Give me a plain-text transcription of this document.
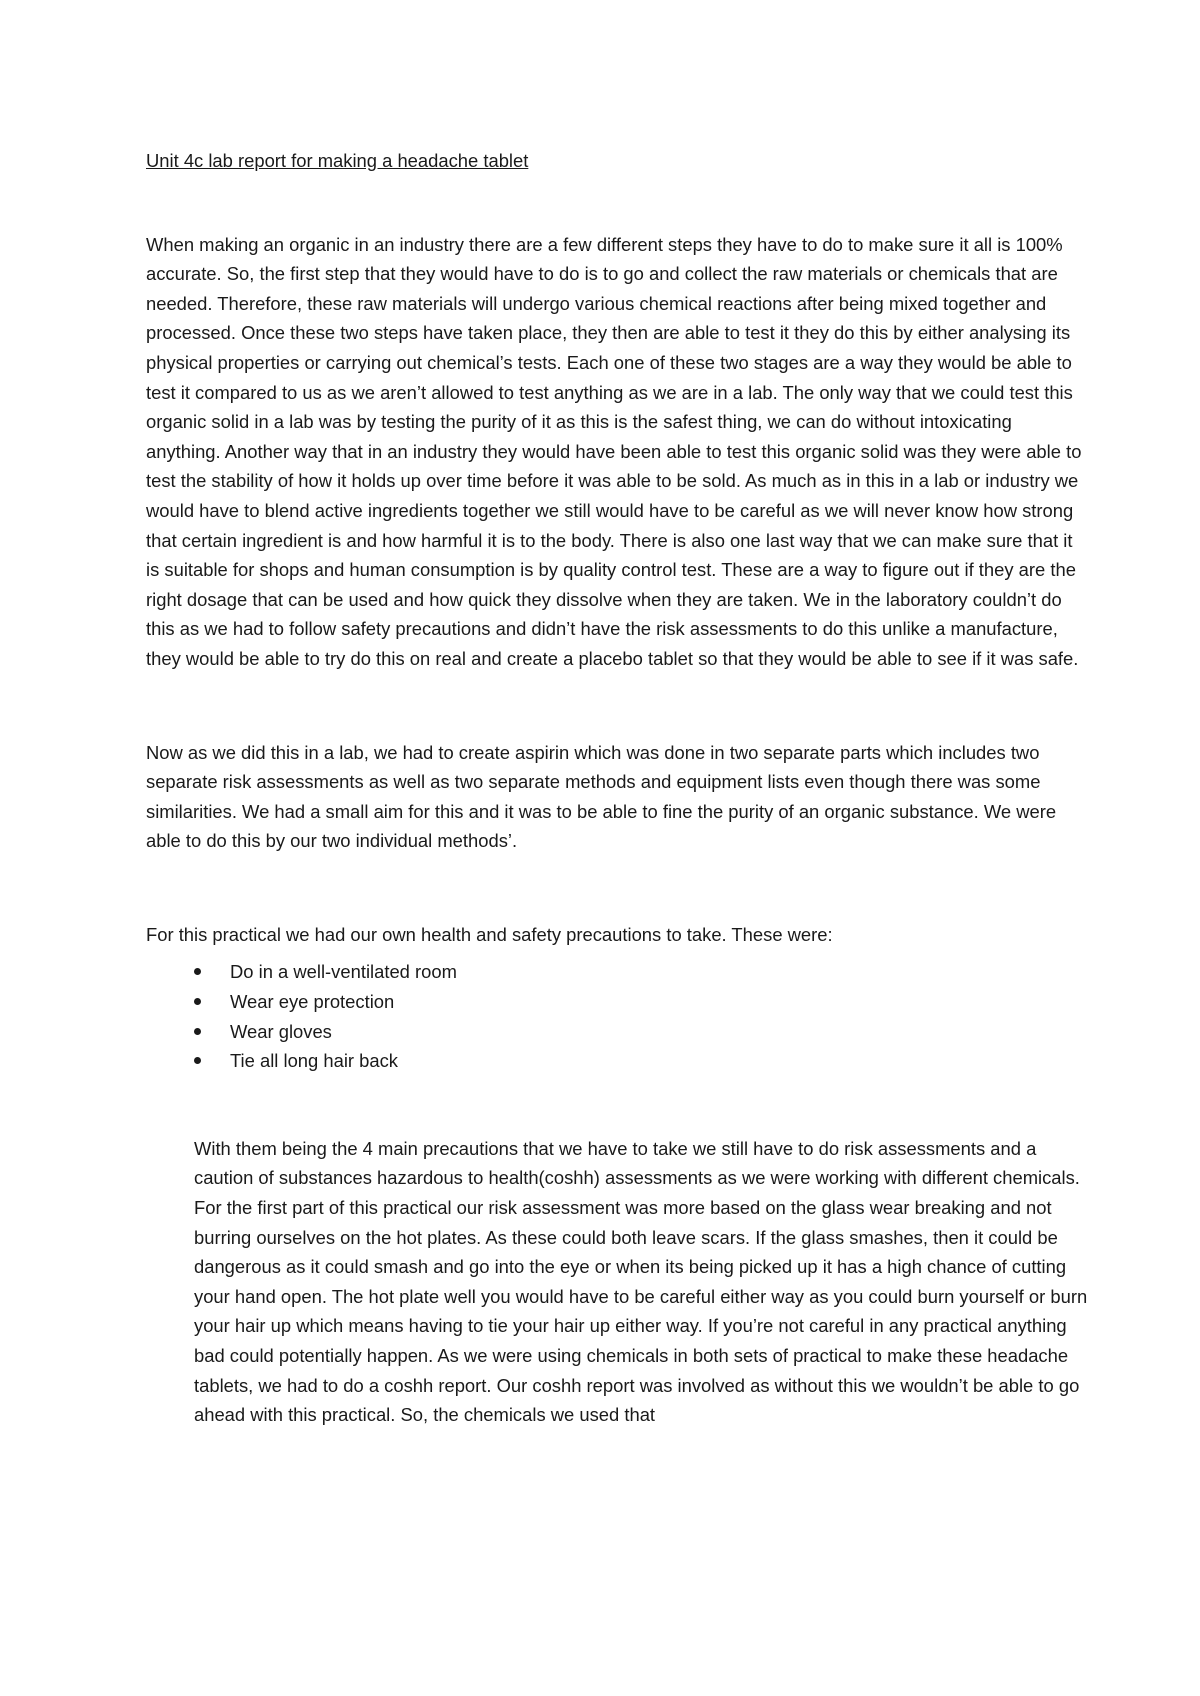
Unit 4c lab report for making a headache tablet

When making an organic in an industry there are a few different steps they have to do to make sure it all is 100% accurate. So, the first step that they would have to do is to go and collect the raw materials or chemicals that are needed. Therefore, these raw materials will undergo various chemical reactions after being mixed together and processed. Once these two steps have taken place, they then are able to test it they do this by either analysing its physical properties or carrying out chemical’s tests. Each one of these two stages are a way they would be able to test it compared to us as we aren’t allowed to test anything as we are in a lab. The only way that we could test this organic solid in a lab was by testing the purity of it as this is the safest thing, we can do without intoxicating anything. Another way that in an industry they would have been able to test this organic solid was they were able to test the stability of how it holds up over time before it was able to be sold. As much as in this in a lab or industry we would have to blend active ingredients together we still would have to be careful as we will never know how strong that certain ingredient is and how harmful it is to the body. There is also one last way that we can make sure that it is suitable for shops and human consumption is by quality control test. These are a way to figure out if they are the right dosage that can be used and how quick they dissolve when they are taken. We in the laboratory couldn’t do this as we had to follow safety precautions and didn’t have the risk assessments to do this unlike a manufacture, they would be able to try do this on real and create a placebo tablet so that they would be able to see if it was safe.

Now as we did this in a lab, we had to create aspirin which was done in two separate parts which includes two separate risk assessments as well as two separate methods and equipment lists even though there was some similarities. We had a small aim for this and it was to be able to fine the purity of an organic substance. We were able to do this by our two individual methods’.

For this practical we had our own health and safety precautions to take. These were:

Do in a well-ventilated room
Wear eye protection
Wear gloves
Tie all long hair back

With them being the 4 main precautions that we have to take we still have to do risk assessments and a caution of substances hazardous to health(coshh) assessments as we were working with different chemicals. For the first part of this practical our risk assessment was more based on the glass wear breaking and not burring ourselves on the hot plates. As these could both leave scars. If the glass smashes, then it could be dangerous as it could smash and go into the eye or when its being picked up it has a high chance of cutting your hand open. The hot plate well you would have to be careful either way as you could burn yourself or burn your hair up which means having to tie your hair up either way. If you’re not careful in any practical anything bad could potentially happen. As we were using chemicals in both sets of practical to make these headache tablets, we had to do a coshh report. Our coshh report was involved as without this we wouldn’t be able to go ahead with this practical. So, the chemicals we used that
